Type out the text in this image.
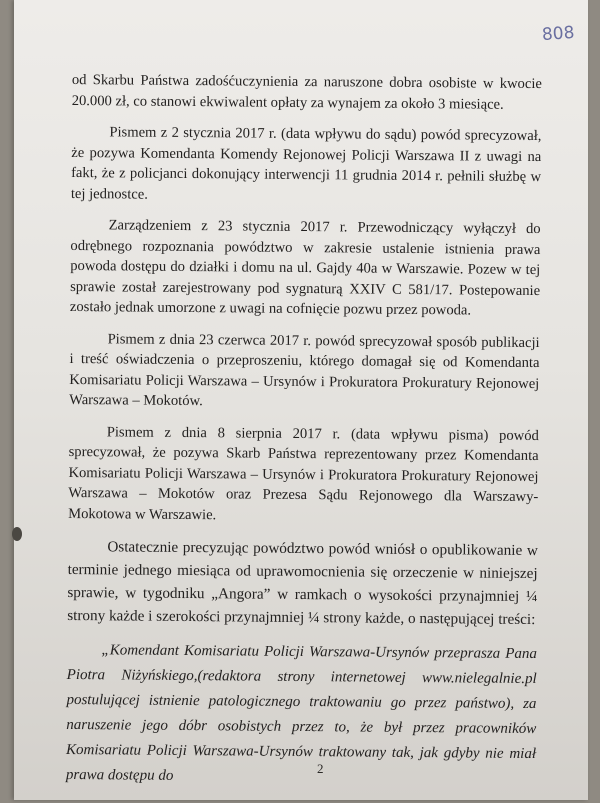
808

od Skarbu Państwa zadośćuczynienia za naruszone dobra osobiste w kwocie 20.000 zł, co stanowi ekwiwalent opłaty za wynajem za około 3 miesiące.

Pismem z 2 stycznia 2017 r. (data wpływu do sądu) powód sprecyzował, że pozywa Komendanta Komendy Rejonowej Policji Warszawa II z uwagi na fakt, że z policjanci dokonujący interwencji 11 grudnia 2014 r. pełnili służbę w tej jednostce.

Zarządzeniem z 23 stycznia 2017 r. Przewodniczący wyłączył do odrębnego rozpoznania powództwo w zakresie ustalenie istnienia prawa powoda dostępu do działki i domu na ul. Gajdy 40a w Warszawie. Pozew w tej sprawie został zarejestrowany pod sygnaturą XXIV C 581/17. Postepowanie zostało jednak umorzone z uwagi na cofnięcie pozwu przez powoda.

Pismem z dnia 23 czerwca 2017 r. powód sprecyzował sposób publikacji i treść oświadczenia o przeproszeniu, którego domagał się od Komendanta Komisariatu Policji Warszawa – Ursynów i Prokuratora Prokuratury Rejonowej Warszawa – Mokotów.

Pismem z dnia 8 sierpnia 2017 r. (data wpływu pisma) powód sprecyzował, że pozywa Skarb Państwa reprezentowany przez Komendanta Komisariatu Policji Warszawa – Ursynów i Prokuratora Prokuratury Rejonowej Warszawa – Mokotów oraz Prezesa Sądu Rejonowego dla Warszawy-Mokotowa w Warszawie.

Ostatecznie precyzując powództwo powód wniósł o opublikowanie w terminie jednego miesiąca od uprawomocnienia się orzeczenie w niniejszej sprawie, w tygodniku „Angora” w ramkach o wysokości przynajmniej ¼ strony każde i szerokości przynajmniej ¼ strony każde, o następującej treści:

„Komendant Komisariatu Policji Warszawa-Ursynów przeprasza Pana Piotra Niżyńskiego,(redaktora strony internetowej www.nielegalnie.pl postulującej istnienie patologicznego traktowaniu go przez państwo), za naruszenie jego dóbr osobistych przez to, że był przez pracowników Komisariatu Policji Warszawa-Ursynów traktowany tak, jak gdyby nie miał prawa dostępu do	2
